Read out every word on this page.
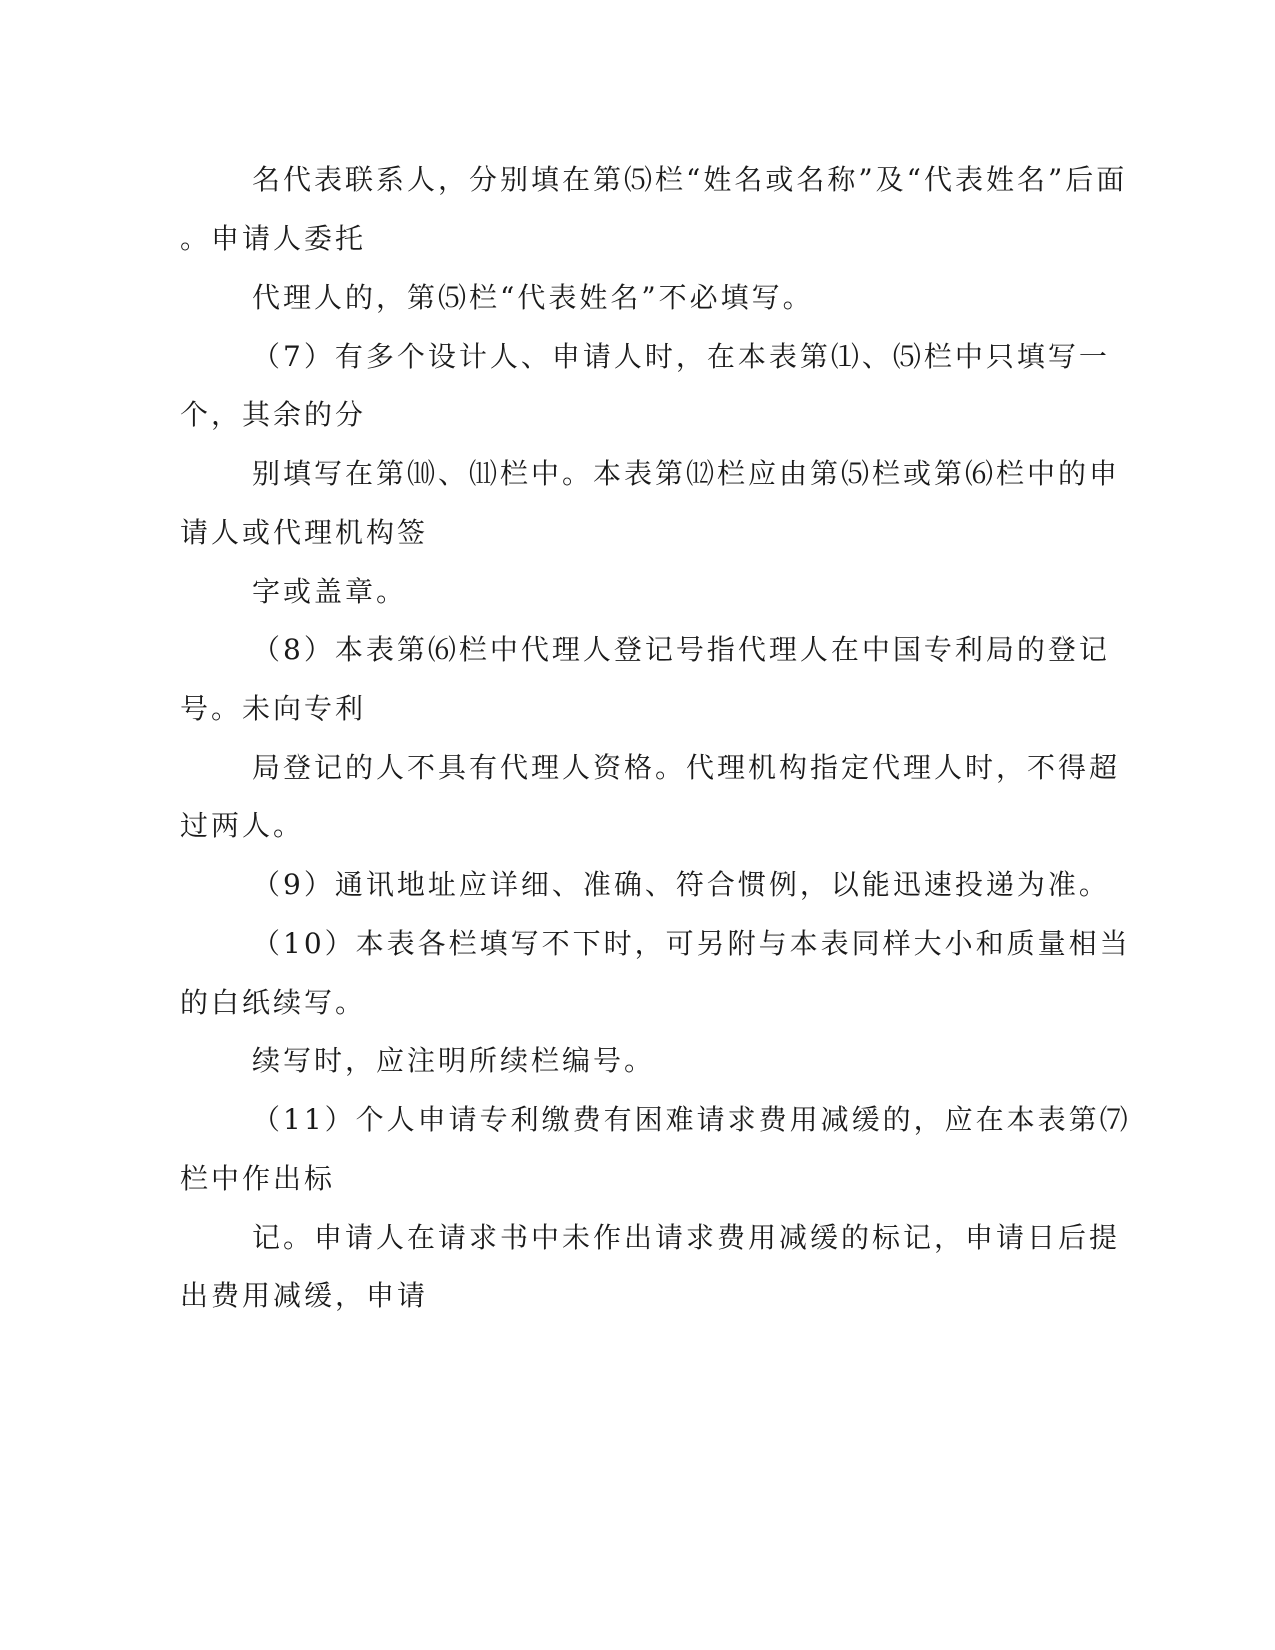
名代表联系人，分别填在第⑸栏“姓名或名称”及“代表姓名”后面
。申请人委托
代理人的，第⑸栏“代表姓名”不必填写。
（7）有多个设计人、申请人时，在本表第⑴、⑸栏中只填写一
个，其余的分
别填写在第⑽、⑾栏中。本表第⑿栏应由第⑸栏或第⑹栏中的申
请人或代理机构签
字或盖章。
（8）本表第⑹栏中代理人登记号指代理人在中国专利局的登记
号。未向专利
局登记的人不具有代理人资格。代理机构指定代理人时，不得超
过两人。
（9）通讯地址应详细、准确、符合惯例，以能迅速投递为准。
（10）本表各栏填写不下时，可另附与本表同样大小和质量相当
的白纸续写。
续写时，应注明所续栏编号。
（11）个人申请专利缴费有困难请求费用减缓的，应在本表第⑺
栏中作出标
记。申请人在请求书中未作出请求费用减缓的标记，申请日后提
出费用减缓，申请
